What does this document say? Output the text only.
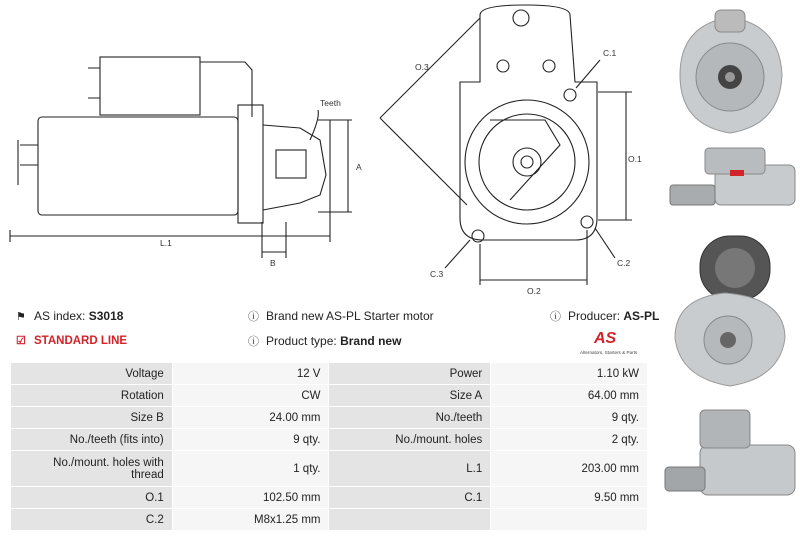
Teeth
A
B
L.1
O.3
C.1
O.1
C.3
O.2
C.2
⚑ AS index: S3018
☑ STANDARD LINE
ⓘ Brand new AS-PL Starter motor
ⓘ Product type: Brand new
ⓘ Producer: AS-PL
AS
Alternators, Starters & Parts
Voltage	12 V	Power	1.10 kW
Rotation	CW	Size A	64.00 mm
Size B	24.00 mm	No./teeth	9 qty.
No./teeth (fits into)	9 qty.	No./mount. holes	2 qty.
No./mount. holes with thread	1 qty.	L.1	203.00 mm
O.1	102.50 mm	C.1	9.50 mm
C.2	M8x1.25 mm		
